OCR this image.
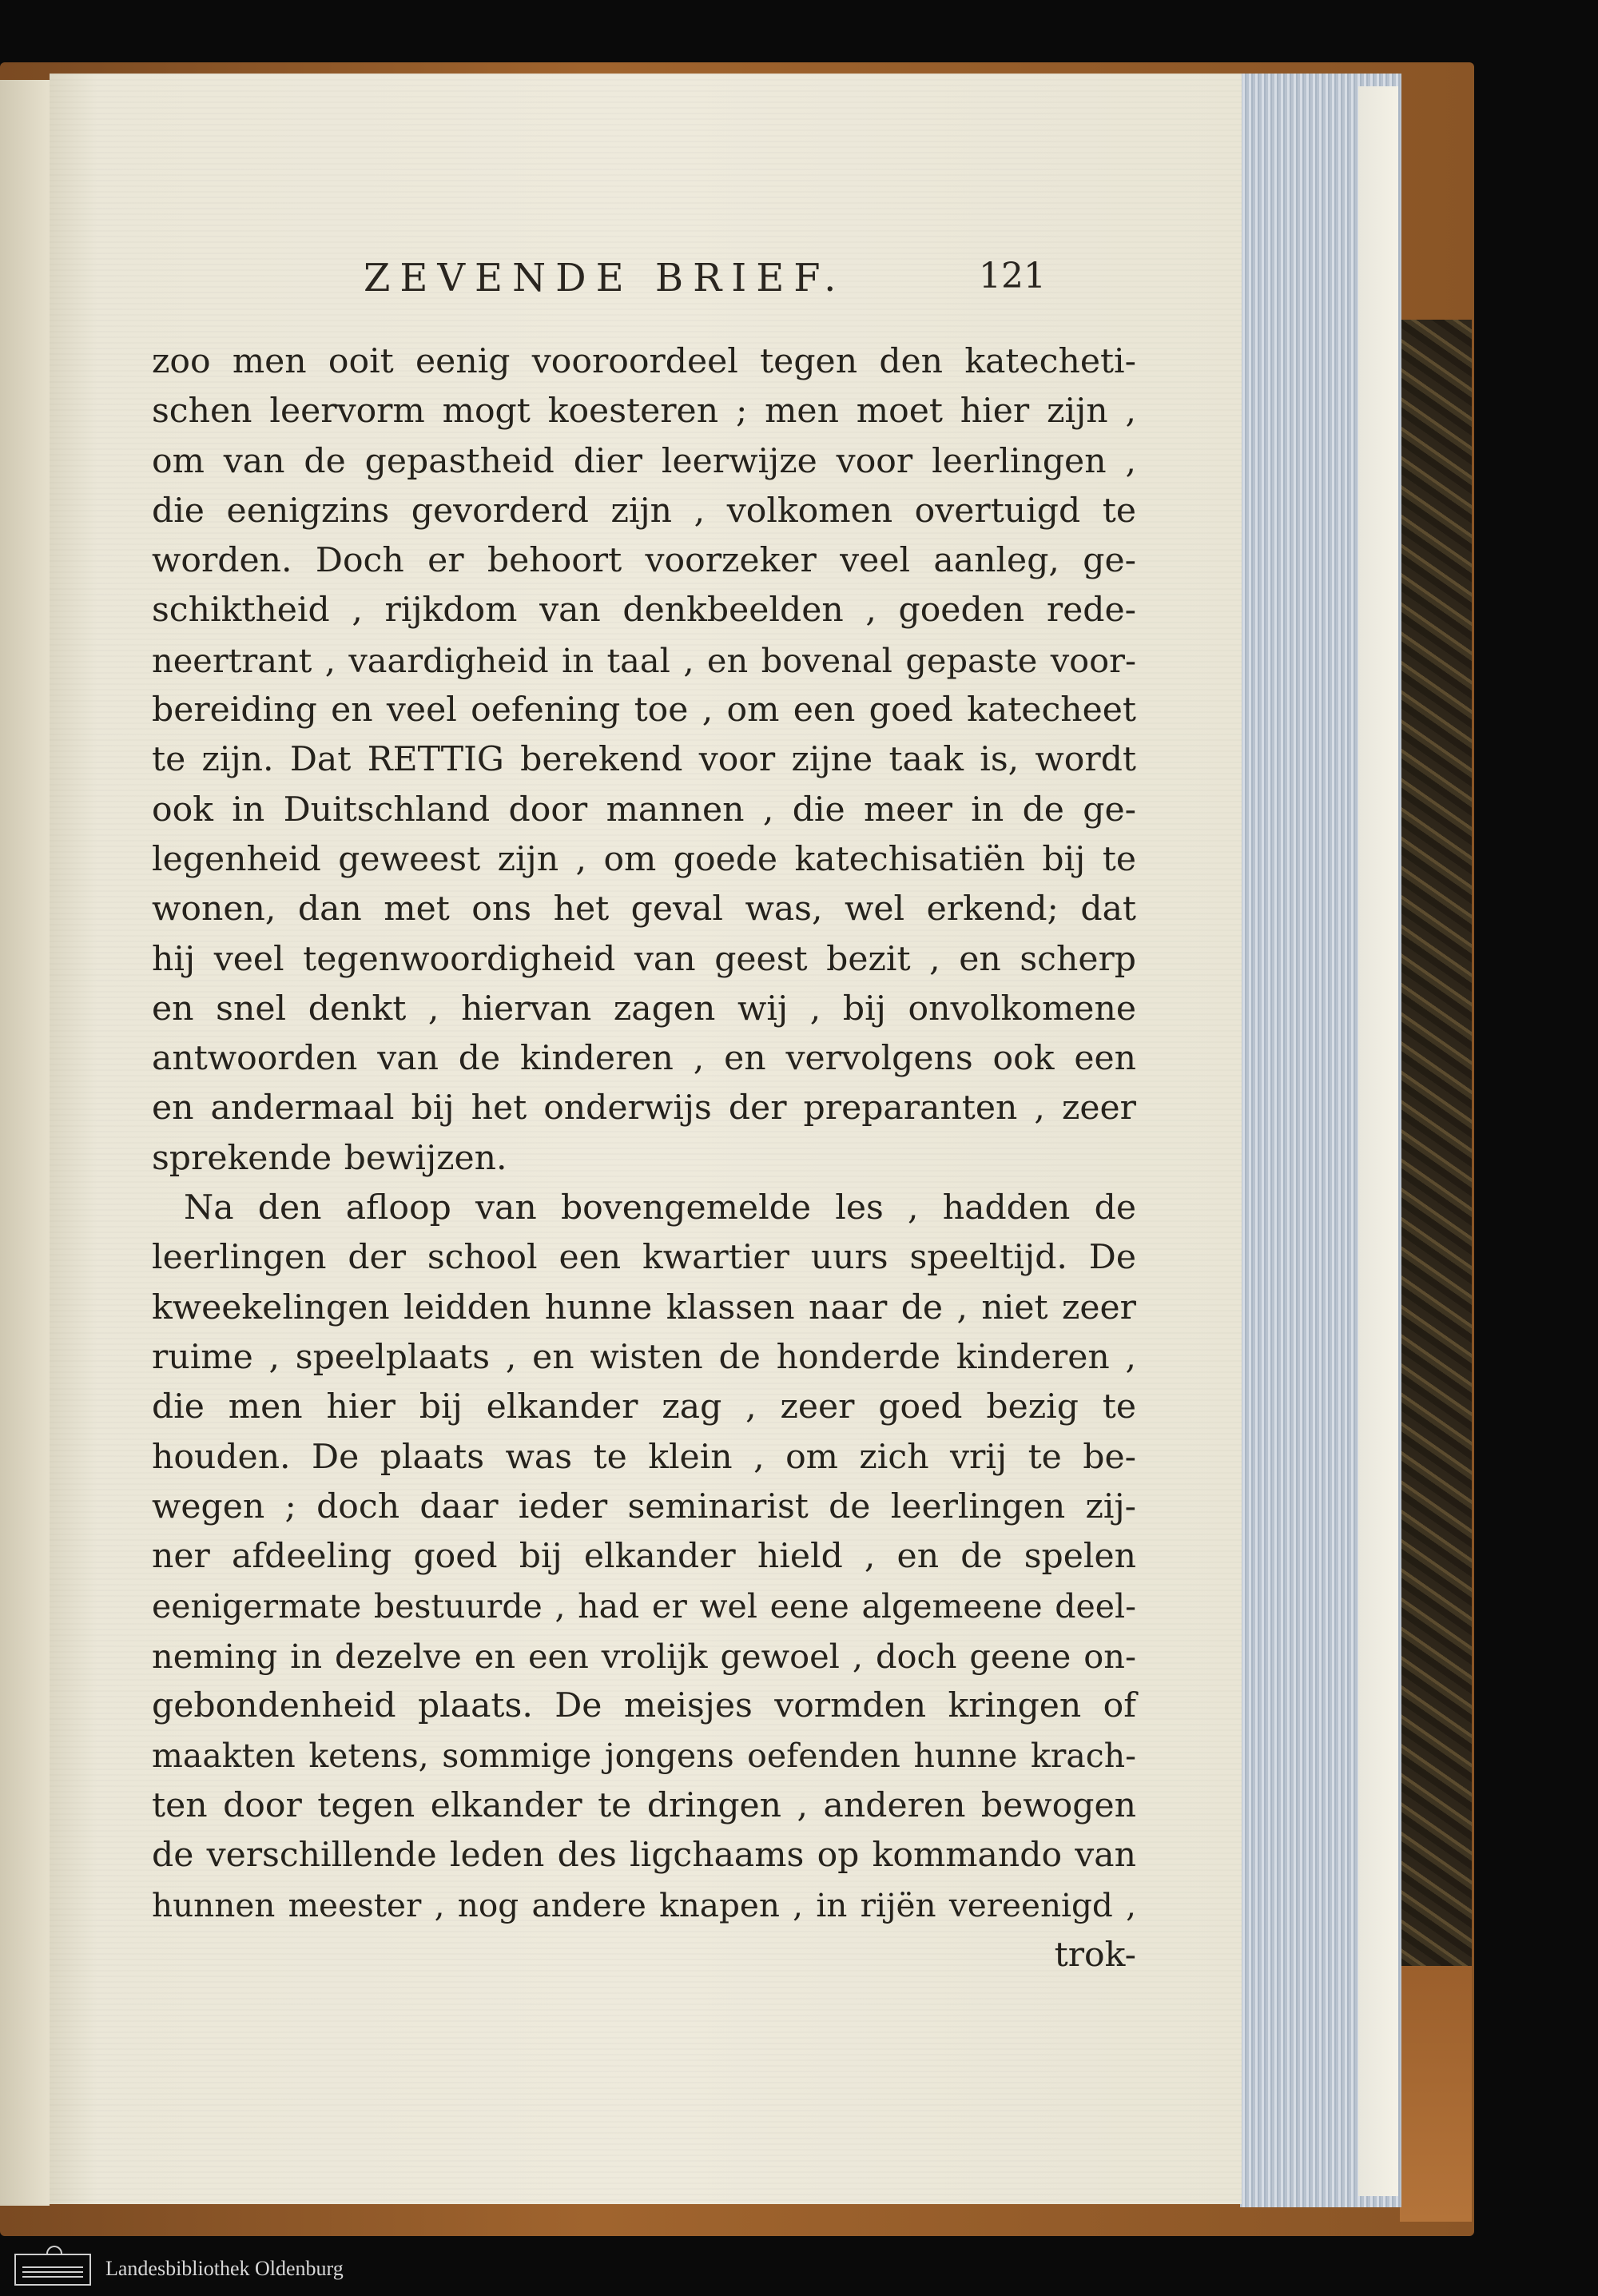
ZEVENDE BRIEF.	121
zoo men ooit eenig vooroordeel tegen den katecheti-
schen leervorm mogt koesteren ; men moet hier zijn ,
om van de gepastheid dier leerwijze voor leerlingen ,
die eenigzins gevorderd zijn , volkomen overtuigd te
worden. Doch er behoort voorzeker veel aanleg, ge-
schiktheid , rijkdom van denkbeelden , goeden rede-
neertrant , vaardigheid in taal , en bovenal gepaste voor-
bereiding en veel oefening toe , om een goed katecheet
te zijn. Dat RETTIG berekend voor zijne taak is, wordt
ook in Duitschland door mannen , die meer in de ge-
legenheid geweest zijn , om goede katechisatiën bij te
wonen, dan met ons het geval was, wel erkend; dat
hij veel tegenwoordigheid van geest bezit , en scherp
en snel denkt , hiervan zagen wij , bij onvolkomene
antwoorden van de kinderen , en vervolgens ook een
en andermaal bij het onderwijs der preparanten , zeer
sprekende bewijzen.
Na den afloop van bovengemelde les , hadden de
leerlingen der school een kwartier uurs speeltijd. De
kweekelingen leidden hunne klassen naar de , niet zeer
ruime , speelplaats , en wisten de honderde kinderen ,
die men hier bij elkander zag , zeer goed bezig te
houden. De plaats was te klein , om zich vrij te be-
wegen ; doch daar ieder seminarist de leerlingen zij-
ner afdeeling goed bij elkander hield , en de spelen
eenigermate bestuurde , had er wel eene algemeene deel-
neming in dezelve en een vrolijk gewoel , doch geene on-
gebondenheid plaats. De meisjes vormden kringen of
maakten ketens, sommige jongens oefenden hunne krach-
ten door tegen elkander te dringen , anderen bewogen
de verschillende leden des ligchaams op kommando van
hunnen meester , nog andere knapen , in rijën vereenigd ,
trok-
Landesbibliothek Oldenburg
